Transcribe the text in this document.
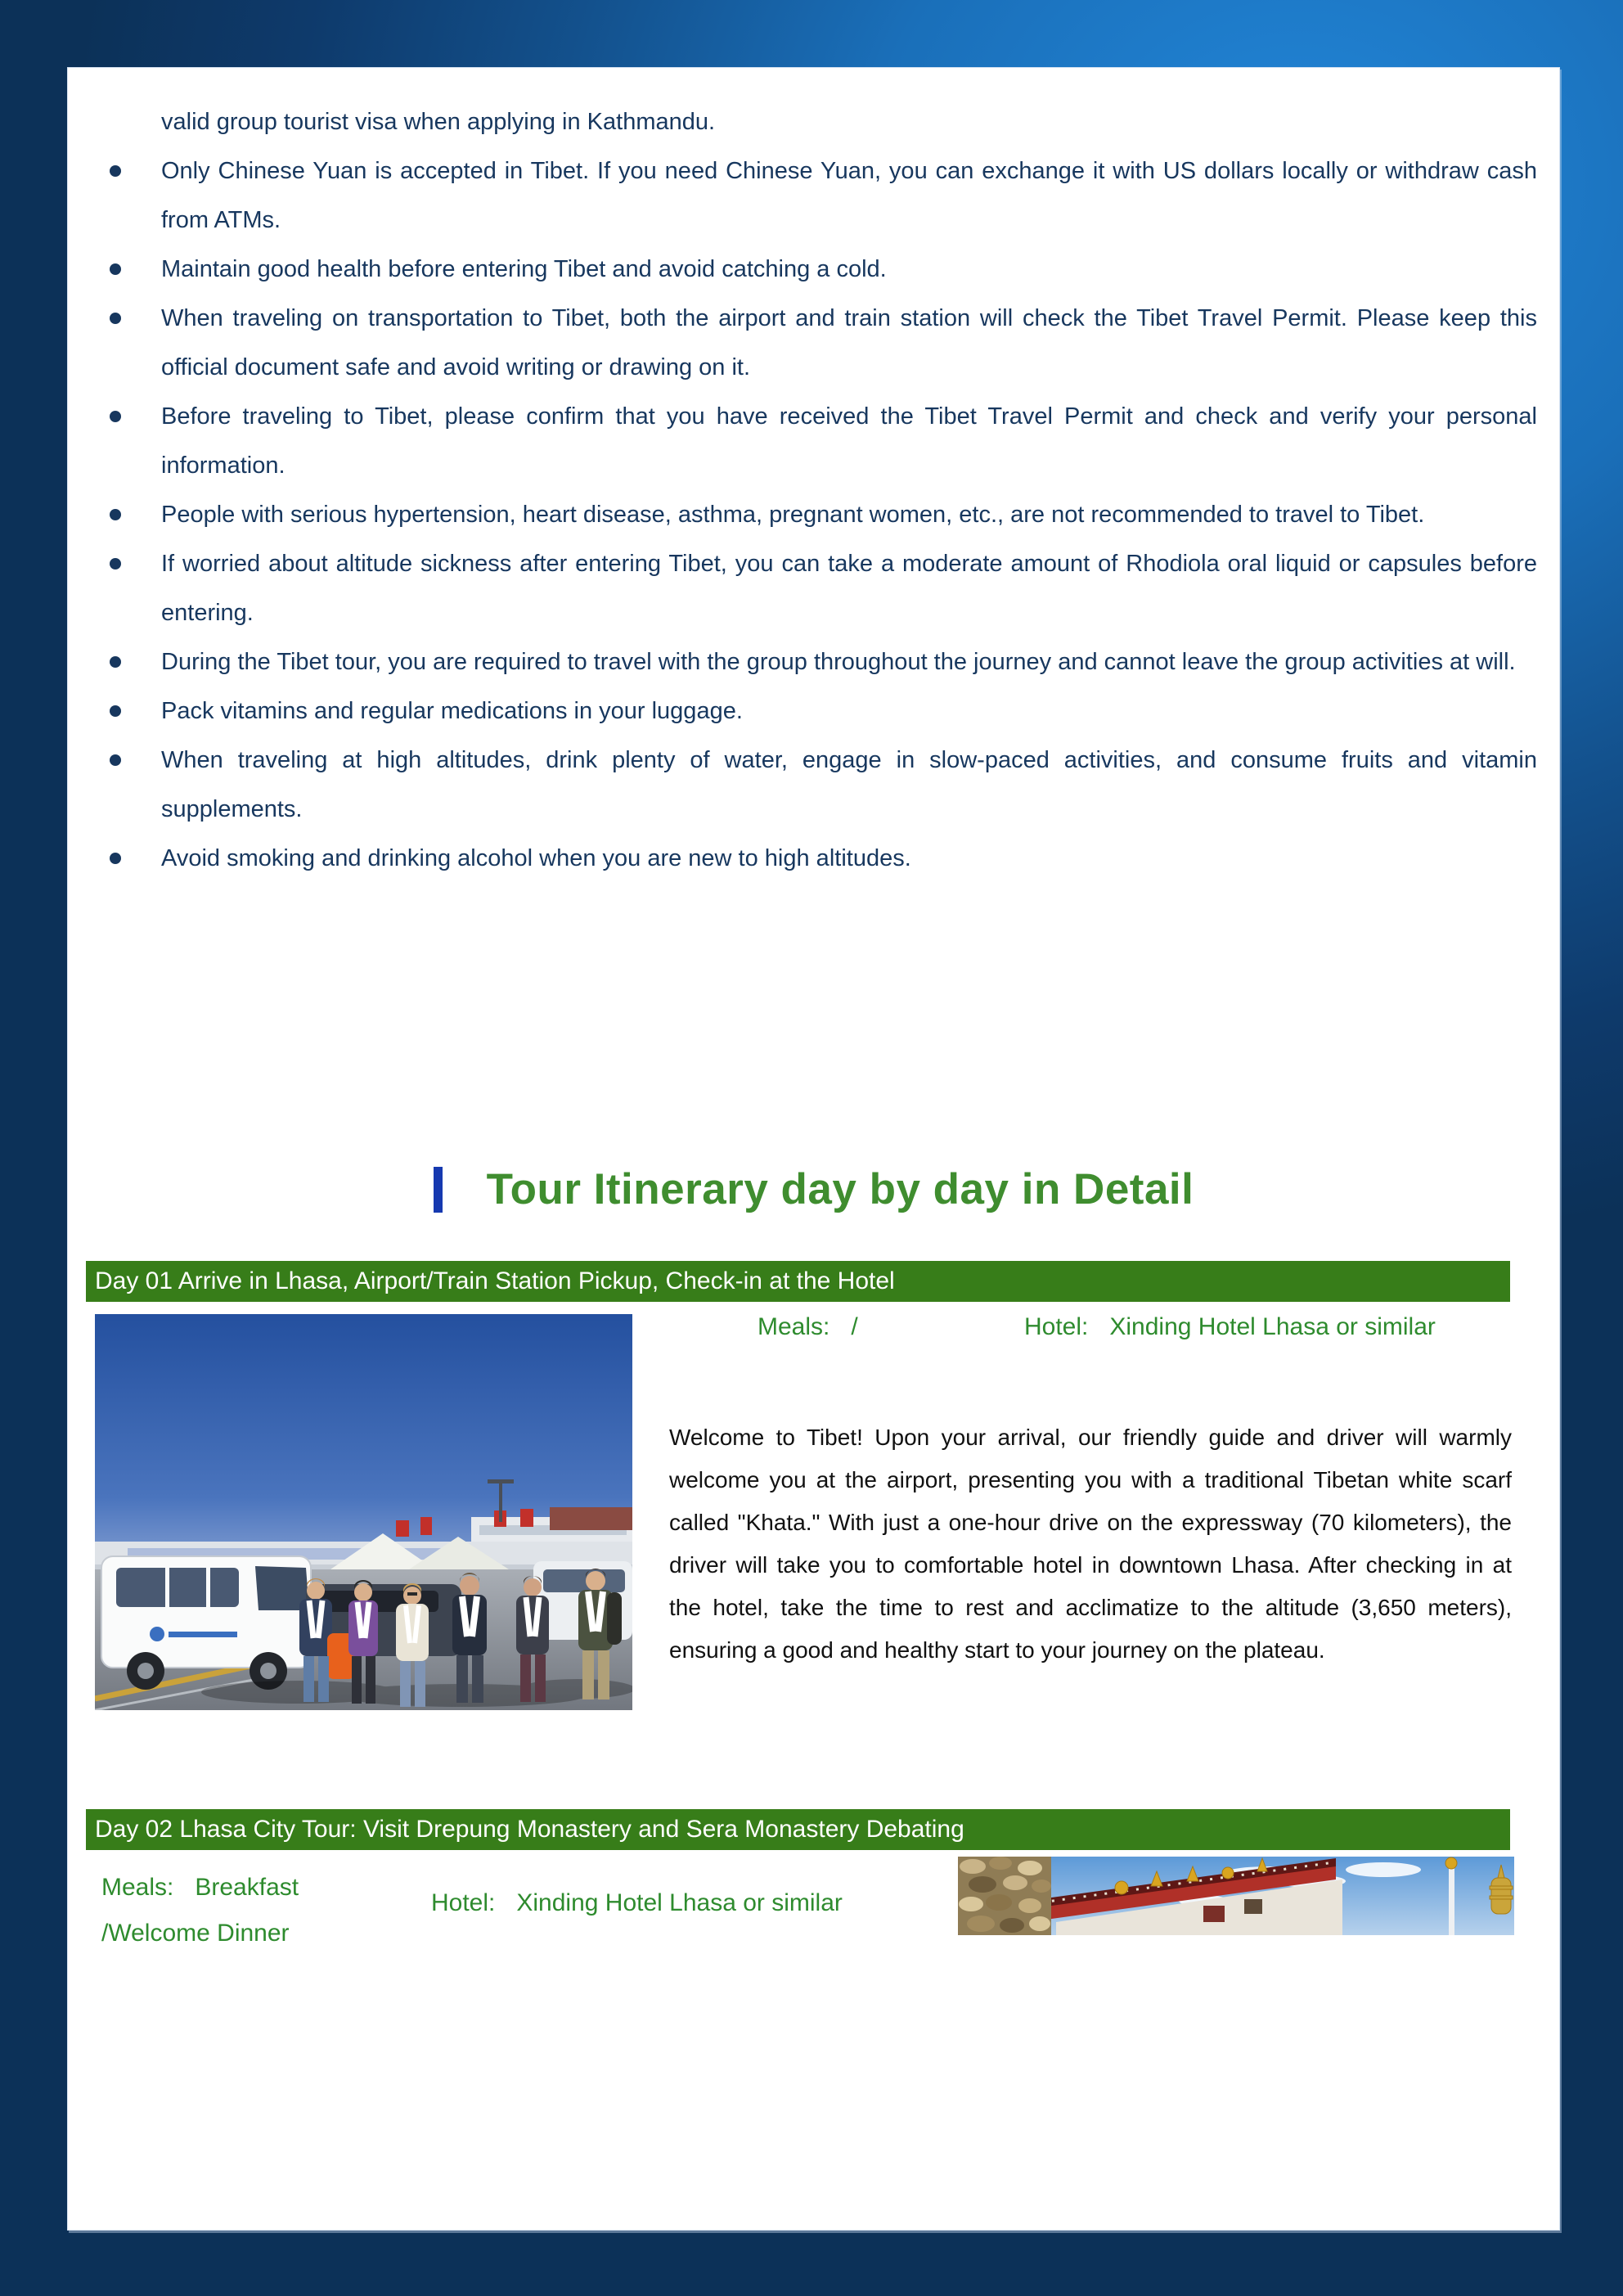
valid group tourist visa when applying in Kathmandu.
Only Chinese Yuan is accepted in Tibet. If you need Chinese Yuan, you can exchange it with US dollars locally or withdraw cash from ATMs.
Maintain good health before entering Tibet and avoid catching a cold.
When traveling on transportation to Tibet, both the airport and train station will check the Tibet Travel Permit. Please keep this official document safe and avoid writing or drawing on it.
Before traveling to Tibet, please confirm that you have received the Tibet Travel Permit and check and verify your personal information.
People with serious hypertension, heart disease, asthma, pregnant women, etc., are not recommended to travel to Tibet.
If worried about altitude sickness after entering Tibet, you can take a moderate amount of Rhodiola oral liquid or capsules before entering.
During the Tibet tour, you are required to travel with the group throughout the journey and cannot leave the group activities at will.
Pack vitamins and regular medications in your luggage.
When traveling at high altitudes, drink plenty of water, engage in slow-paced activities, and consume fruits and vitamin supplements.
Avoid smoking and drinking alcohol when you are new to high altitudes.
Tour Itinerary day by day in Detail
Day 01 Arrive in Lhasa, Airport/Train Station Pickup, Check-in at the Hotel
Meals: /	Hotel: Xinding Hotel Lhasa or similar
Welcome to Tibet! Upon your arrival, our friendly guide and driver will warmly welcome you at the airport, presenting you with a traditional Tibetan white scarf called "Khata." With just a one-hour drive on the expressway (70 kilometers), the driver will take you to comfortable hotel in downtown Lhasa. After checking in at the hotel, take the time to rest and acclimatize to the altitude (3,650 meters), ensuring a good and healthy start to your journey on the plateau.
Day 02 Lhasa City Tour: Visit Drepung Monastery and Sera Monastery Debating
Meals: Breakfast
/Welcome Dinner
Hotel: Xinding Hotel Lhasa or similar
